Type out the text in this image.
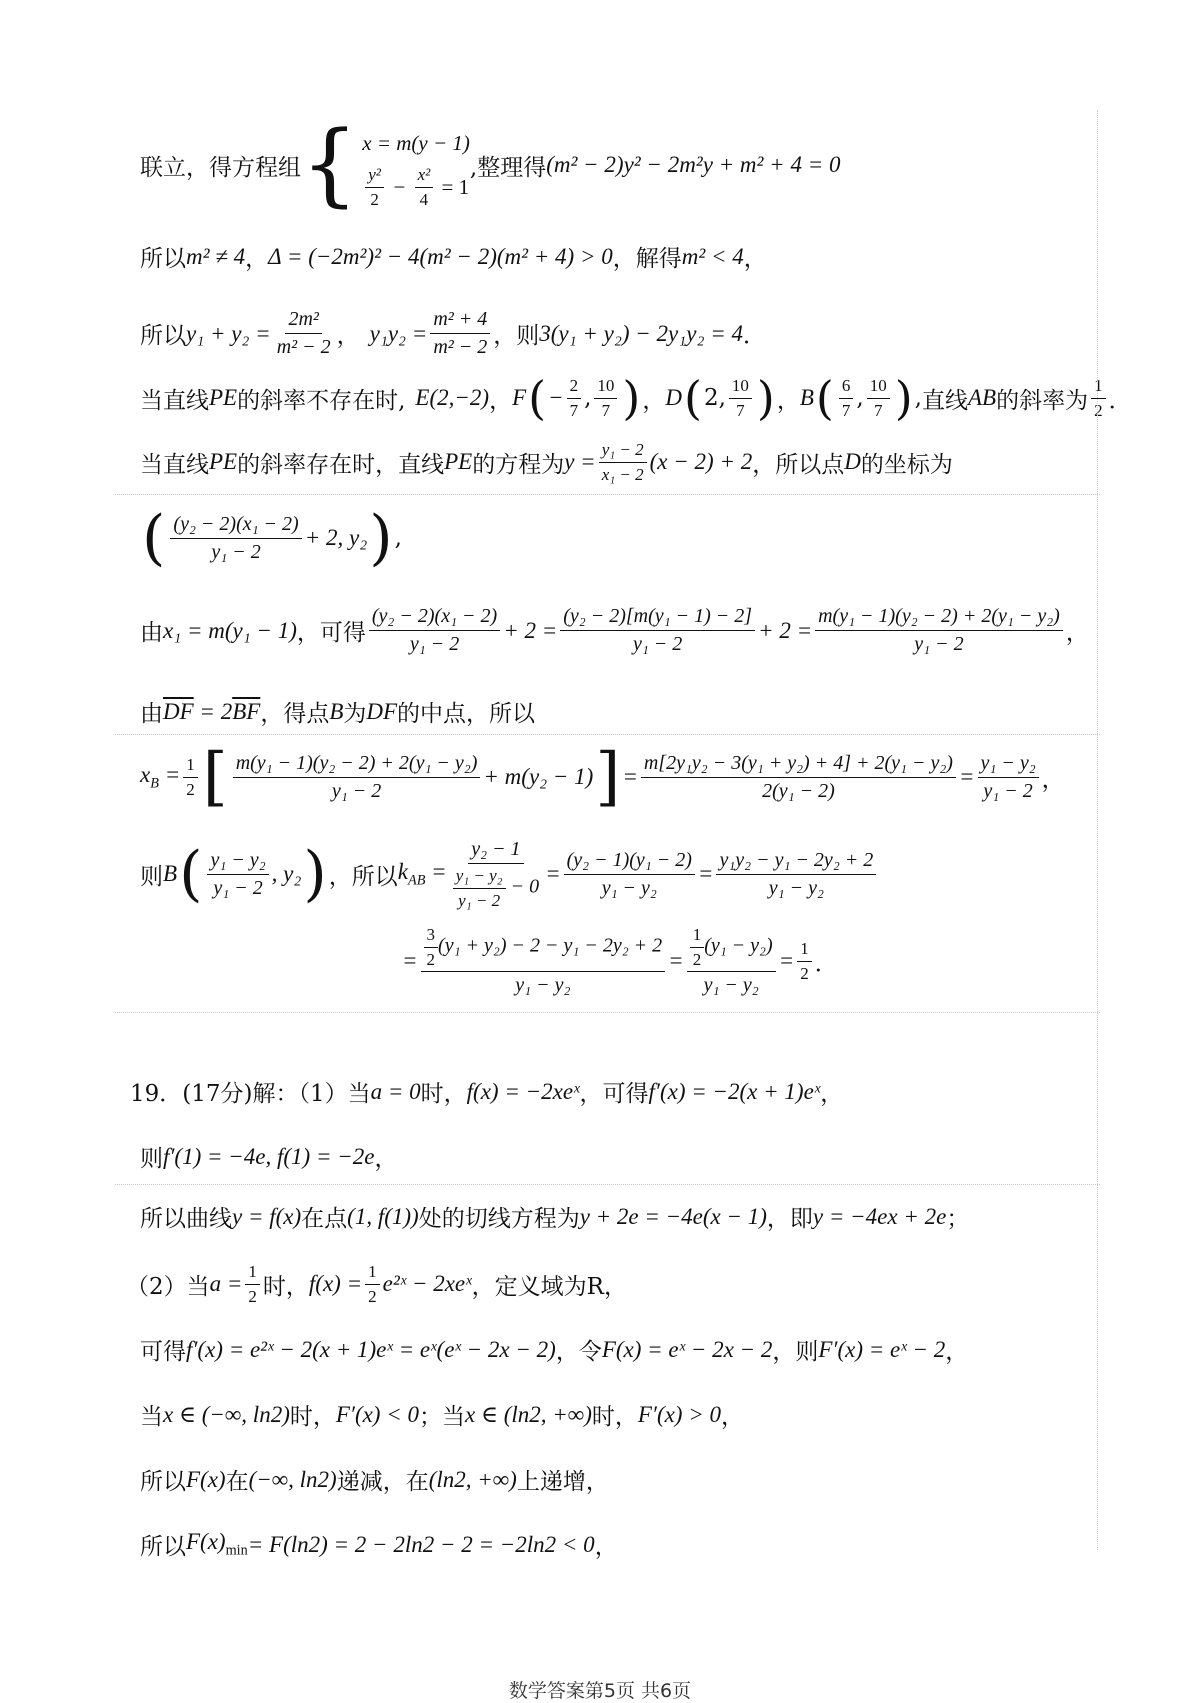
联立，得方程组 { x = m(y − 1)
$\frac{\text{y²}}{2} - \frac{\text{x²}}{4} = 1$
,整理得 (m² − 2)y² − 2m²y + m² + 4 = 0
所以 m² ≠ 4 ， Δ = (−2m²)² − 4(m² − 2)(m² + 4) > 0 ，解得 m² < 4 ，
所以 $y_1 + y_2 = \frac{\text{2m²}}{\text{m² − 2}}$ ， $y_1y_2 = \frac{\text{m² + 4}}{\text{m² − 2}}$ ，则 3(y₁ + y₂) − 2y₁y₂ = 4 ．
当直线 PE 的斜率不存在时, E(2,−2) ， F ( − $\frac{2}{7}$ , $\frac{10}{7}$ ) ， D ( 2, $\frac{10}{7}$ ) ， B ( $\frac{6}{7}$ , $\frac{10}{7}$ ) , 直线 AB 的斜率为 $\frac{1}{2}$ ．
当直线 PE 的斜率存在时，直线 PE 的方程为 $y = \frac{\text{y₁ − 2}}{\text{x₁ − 2}} (x - 2) + 2$ ，所以点 D 的坐标为
( $\frac{\text{(y₂ − 2)(x₁ − 2)}}{\text{y₁ − 2}} + 2$, y₂ ) ,
由 x₁ = m(y₁ − 1) ，可得 $\frac{\text{(y₂ − 2)(x₁ − 2)}}{\text{y₁ − 2}} + 2 = \frac{\text{(y₂ − 2)[m(y₁ − 1) − 2]}}{\text{y₁ − 2}} + 2 = \frac{\text{m(y₁ − 1)(y₂ − 2) + 2(y₁ − y₂)}}{\text{y₁ − 2}}$ ，
由 $\overline{DF} = 2\overline{BF}$ ，得点 B 为 DF 的中点，所以
$x_B = \frac{1}{2}$ [ $\frac{\text{m(y₁ − 1)(y₂ − 2) + 2(y₁ − y₂)}}{\text{y₁ − 2}} + m(y_2 - 1)$ ] = $\frac{\text{m[2y₁y₂ − 3(y₁ + y₂) + 4] + 2(y₁ − y₂)}}{\text{2(y₁ − 2)}} = \frac{\text{y₁ − y₂}}{\text{y₁ − 2}}$ ，
则 B ( $\frac{\text{y₁ − y₂}}{\text{y₁ − 2}}$ , y₂ ) ，所以 $k_{AB} = \frac{\text{y₂ − 1}}{\frac{\text{y₁ − y₂}}{\text{y₁ − 2}} - 0} = \frac{\text{(y₂ − 1)(y₁ − 2)}}{\text{y₁ − y₂}} = \frac{\text{y₁y₂ − y₁ − 2y₂ + 2}}{\text{y₁ − y₂}}$
= $\frac{\frac{3}{2} (y_1 + y_2) - 2 - y_1 - 2y_2 + 2}{\text{y₁ − y₂}} = \frac{\frac{1}{2} (y_1 - y_2)}{\text{y₁ − y₂}} = \frac{1}{2}$ ．
19．(17分)解：（1）当 a = 0 时， f(x) = −2xeˣ ，可得 f′(x) = −2(x + 1)eˣ ，
则 f′(1) = −4e, f(1) = −2e ，
所以曲线 y = f(x) 在点 (1, f(1)) 处的切线方程为 y + 2e = −4e(x − 1) ，即 y = −4ex + 2e ；
（2）当 $a = \frac{1}{2}$ 时， $f(x) = \frac{1}{2}$ e²ˣ − 2xeˣ ，定义域为R，
可得 f′(x) = e²ˣ − 2(x + 1)eˣ = eˣ(eˣ − 2x − 2) ，令 F(x) = eˣ − 2x − 2 ，则 F′(x) = eˣ − 2 ，
当 x ∈ (−∞, ln2) 时， F′(x) < 0 ；当 x ∈ (ln2, +∞) 时， F′(x) > 0 ，
所以 F(x) 在 (−∞, ln2) 递减，在 (ln2, +∞) 上递增，
所以 $F(x)_{min} = F(\ln 2) = 2 - 2\ln 2 - 2 = -2\ln 2 < 0$ ，
数学答案第5页 共6页
